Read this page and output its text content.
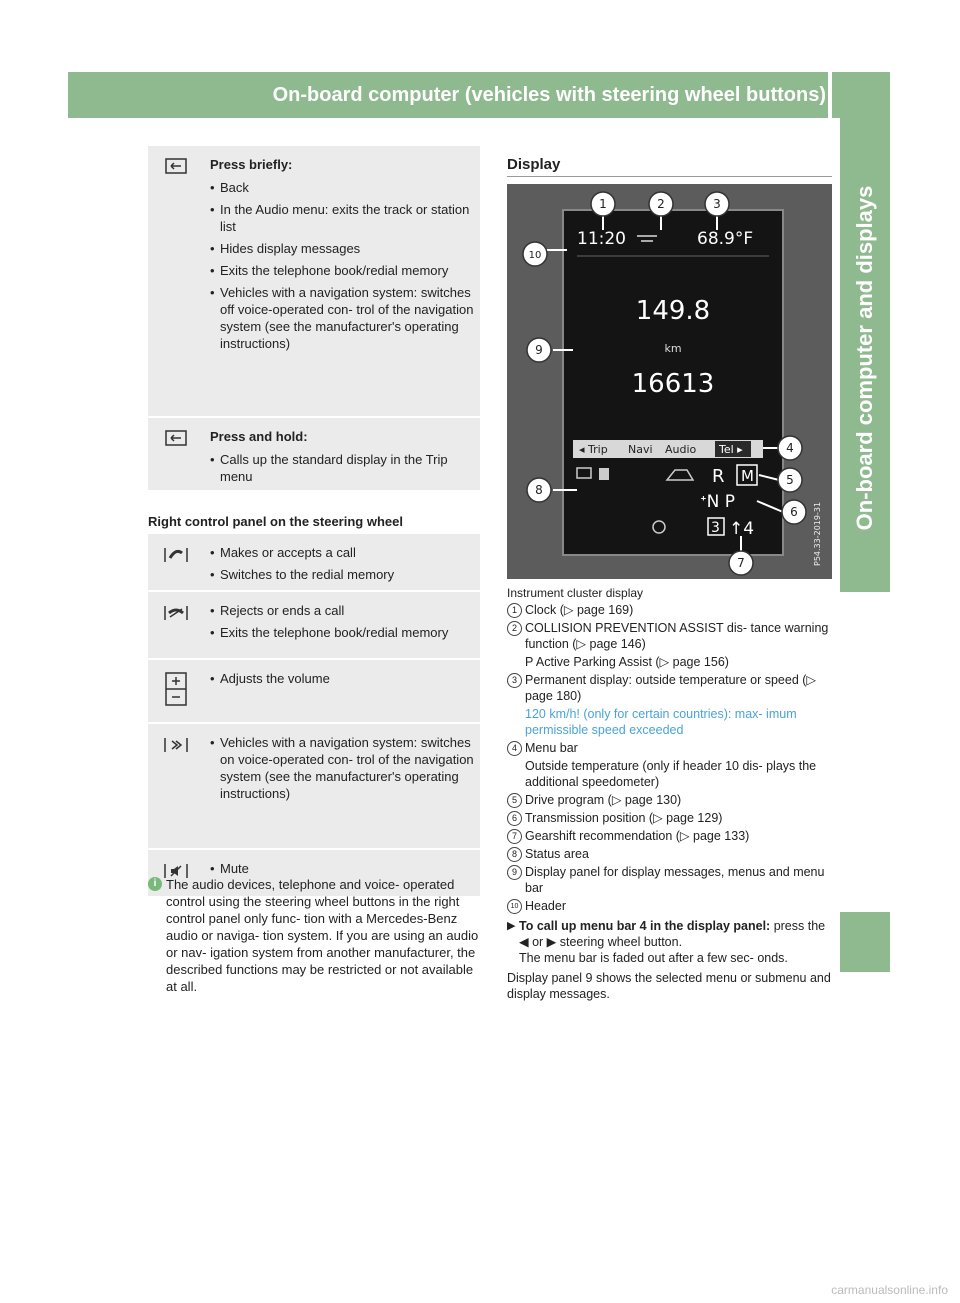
On-board computer (vehicles with steering wheel buttons)
On-board computer and displays
Press briefly:
• Back
• In the Audio menu: exits the track or station list
• Hides display messages
• Exits the telephone book/redial memory
• Vehicles with a navigation system: switches off voice-operated con- trol of the navigation system (see the manufacturer's operating instructions)
Press and hold:
• Calls up the standard display in the Trip menu
Right control panel on the steering wheel
• Makes or accepts a call
• Switches to the redial memory
• Rejects or ends a call
• Exits the telephone book/redial memory
• Adjusts the volume
• Vehicles with a navigation system: switches on voice-operated con- trol of the navigation system (see the manufacturer's operating instructions)
• Mute
i The audio devices, telephone and voice- operated control using the steering wheel buttons in the right control panel only func- tion with a Mercedes-Benz audio or naviga- tion system. If you are using an audio or nav- igation system from another manufacturer, the described functions may be restricted or not available at all.
Display
11:20	68.9°F
149.8
km
16613
◂ Trip Navi Audio Tel ▸
R M
ᐩN P
3 ↑4	P54.33-2019-31
1	2	3
4
5
6
7
8
9
10
Instrument cluster display
1 Clock (▷ page 169)
2 COLLISION PREVENTION ASSIST dis- tance warning function (▷ page 146)
P Active Parking Assist (▷ page 156)
3 Permanent display: outside temperature or speed (▷ page 180)
120 km/h! (only for certain countries): max- imum permissible speed exceeded
4 Menu bar
Outside temperature (only if header 10 dis- plays the additional speedometer)
5 Drive program (▷ page 130)
6 Transmission position (▷ page 129)
7 Gearshift recommendation (▷ page 133)
8 Status area
9 Display panel for display messages, menus and menu bar
10 Header
▶ To call up menu bar 4 in the display panel: press the ◀ or ▶ steering wheel button.
The menu bar is faded out after a few sec- onds.
Display panel 9 shows the selected menu or submenu and display messages.
carmanualsonline.info
